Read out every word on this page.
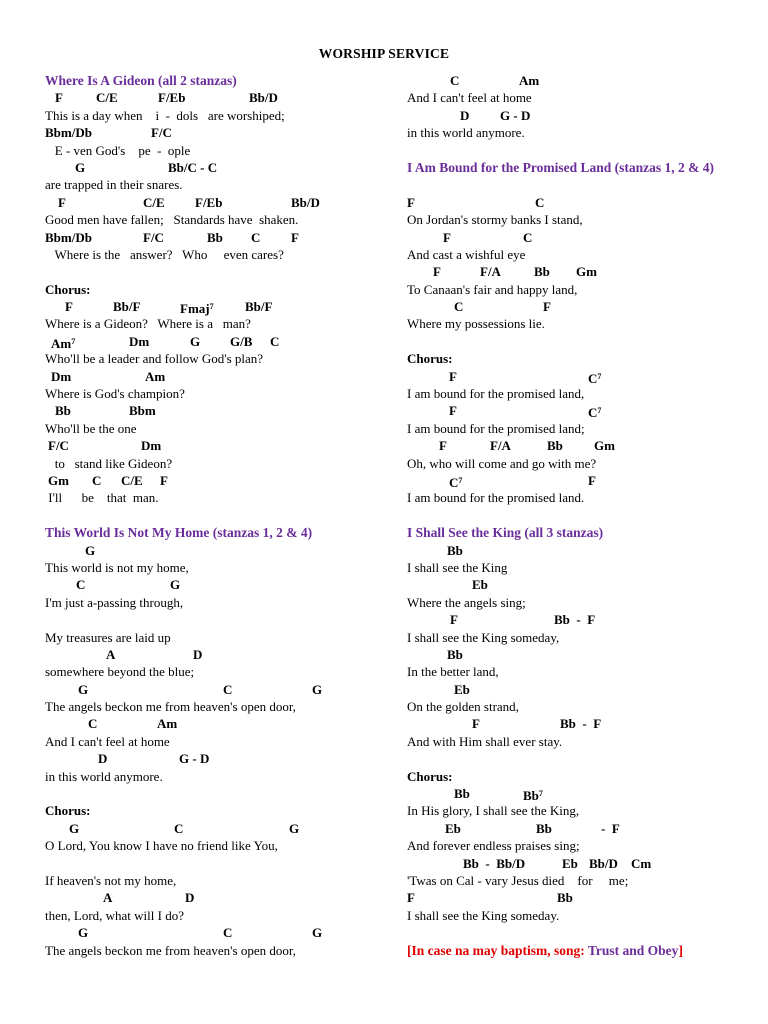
WORSHIP SERVICE
Where Is A Gideon (all 2 stanzas)

F

	C/E

	F/Eb

	Bb/D

This is a day when    i  -  dols   are worshiped;

Bbm/Db

	F/C

E - ven God's    pe  -  ople

G

	Bb/C - C

are trapped in their snares.

F

	C/E

F/Eb

	Bb/D

Good men have fallen;   Standards have  shaken.

Bbm/Db

	F/C

	Bb

C

F

Where is the   answer?   Who     even cares?
Chorus:

F

	Bb/F

	Fmaj$^7$

Bb/F

Where is a Gideon?   Where is a   man?

Am$^7$

	Dm

	G

G/B

C

Who'll be a leader and follow God's plan?

Dm

	Am

Where is God's champion?

Bb

	Bbm

Who'll be the one

F/C

	Dm

to   stand like Gideon?

Gm

C

C/E

F

I'll      be    that  man.
This World Is Not My Home (stanzas 1, 2 & 4)

G

This world is not my home,

C

	G

I'm just a-passing through,
My treasures are laid up

A

	D

somewhere beyond the blue;

G

	C

	G

The angels beckon me from heaven's open door,

C

	Am

And I can't feel at home

D

	G - D

in this world anymore.
Chorus:

G

	C

	G

O Lord, You know I have no friend like You,
If heaven's not my home,

A

	D

then, Lord, what will I do?

G

	C

	G

The angels beckon me from heaven's open door,

C

	Am

And I can't feel at home

D

G - D

in this world anymore.
I Am Bound for the Promised Land (stanzas 1, 2 & 4)

F

	C

On Jordan's stormy banks I stand,

F

	C

And cast a wishful eye

F

	F/A

	Bb

Gm

To Canaan's fair and happy land,

C

	F

Where my possessions lie.
Chorus:

F

	$C^7$

I am bound for the promised land,

F

	$C^7$

I am bound for the promised land;

F

	F/A

	Bb

Gm

Oh, who will come and go with me?

$C^7$

	F

I am bound for the promised land.
I Shall See the King (all 3 stanzas)

Bb

I shall see the King

Eb

Where the angels sing;

F

	Bb  -  F

I shall see the King someday,

Bb

In the better land,

Eb

On the golden strand,

F

	Bb  -  F

And with Him shall ever stay.
Chorus:

Bb

	Bb$^7$

In His glory, I shall see the King,

Eb

	Bb

	-  F

And forever endless praises sing;

Bb  -  Bb/D

	Eb

Bb/D

Cm

'Twas on Cal - vary Jesus died    for     me;

F

	Bb

I shall see the King someday.
[In case na may baptism, song: Trust and Obey]
